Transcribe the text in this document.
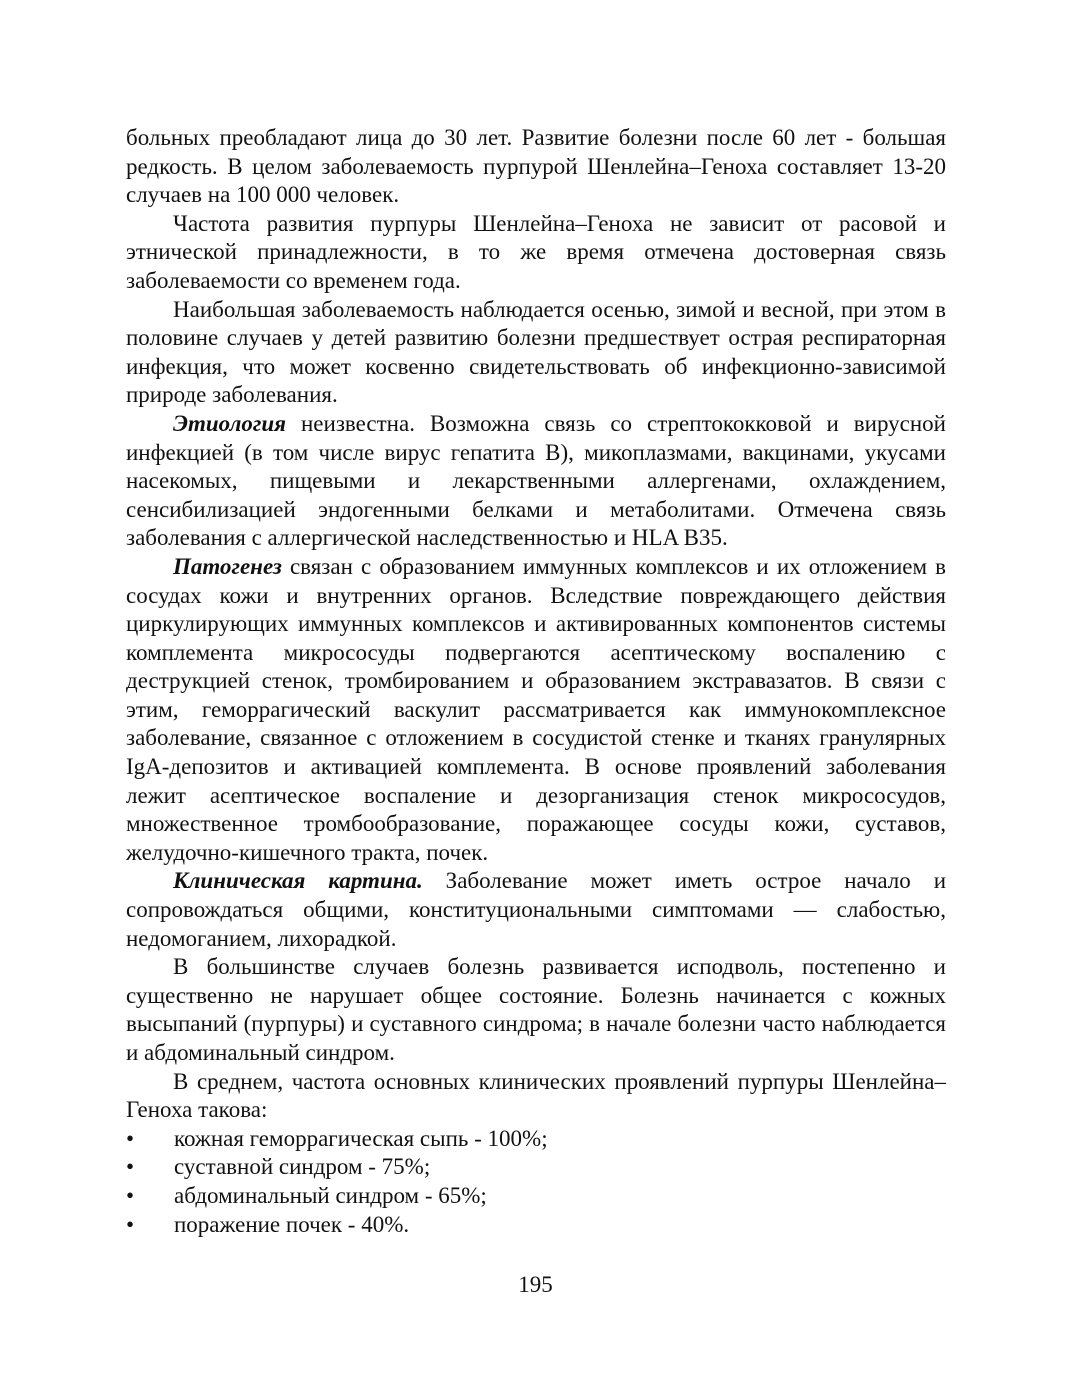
больных преобладают лица до 30 лет. Развитие болезни после 60 лет - большая редкость. В целом заболеваемость пурпурой Шенлейна–Геноха составляет 13-20 случаев на 100 000 человек.

Частота развития пурпуры Шенлейна–Геноха не зависит от расовой и этнической принадлежности, в то же время отмечена достоверная связь заболеваемости со временем года.

Наибольшая заболеваемость наблюдается осенью, зимой и весной, при этом в половине случаев у детей развитию болезни предшествует острая респираторная инфекция, что может косвенно свидетельствовать об инфекционно-зависимой природе заболевания.

Этиология неизвестна. Возможна связь со стрептококковой и вирусной инфекцией (в том числе вирус гепатита В), микоплазмами, вакцинами, укусами насекомых, пищевыми и лекарственными аллергенами, охлаждением, сенсибилизацией эндогенными белками и метаболитами. Отмечена связь заболевания с аллергической наследственностью и HLA B35.

Патогенез связан с образованием иммунных комплексов и их отложением в сосудах кожи и внутренних органов. Вследствие повреждающего действия циркулирующих иммунных комплексов и активированных компонентов системы комплемента микрососуды подвергаются асептическому воспалению с деструкцией стенок, тромбированием и образованием экстравазатов. В связи с этим, геморрагический васкулит рассматривается как иммунокомплексное заболевание, связанное с отложением в сосудистой стенке и тканях гранулярных IgA-депозитов и активацией комплемента. В основе проявлений заболевания лежит асептическое воспаление и дезорганизация стенок микрососудов, множественное тромбообразование, поражающее сосуды кожи, суставов, желудочно-кишечного тракта, почек.

Клиническая картина. Заболевание может иметь острое начало и сопровождаться общими, конституциональными симптомами — слабостью, недомоганием, лихорадкой.

В большинстве случаев болезнь развивается исподволь, постепенно и существенно не нарушает общее состояние. Болезнь начинается с кожных высыпаний (пурпуры) и суставного синдрома; в начале болезни часто наблюдается и абдоминальный синдром.

В среднем, частота основных клинических проявлений пурпуры Шенлейна–Геноха такова:

• кожная геморрагическая сыпь - 100%;
• суставной синдром - 75%;
• абдоминальный синдром - 65%;
• поражение почек - 40%.
195
